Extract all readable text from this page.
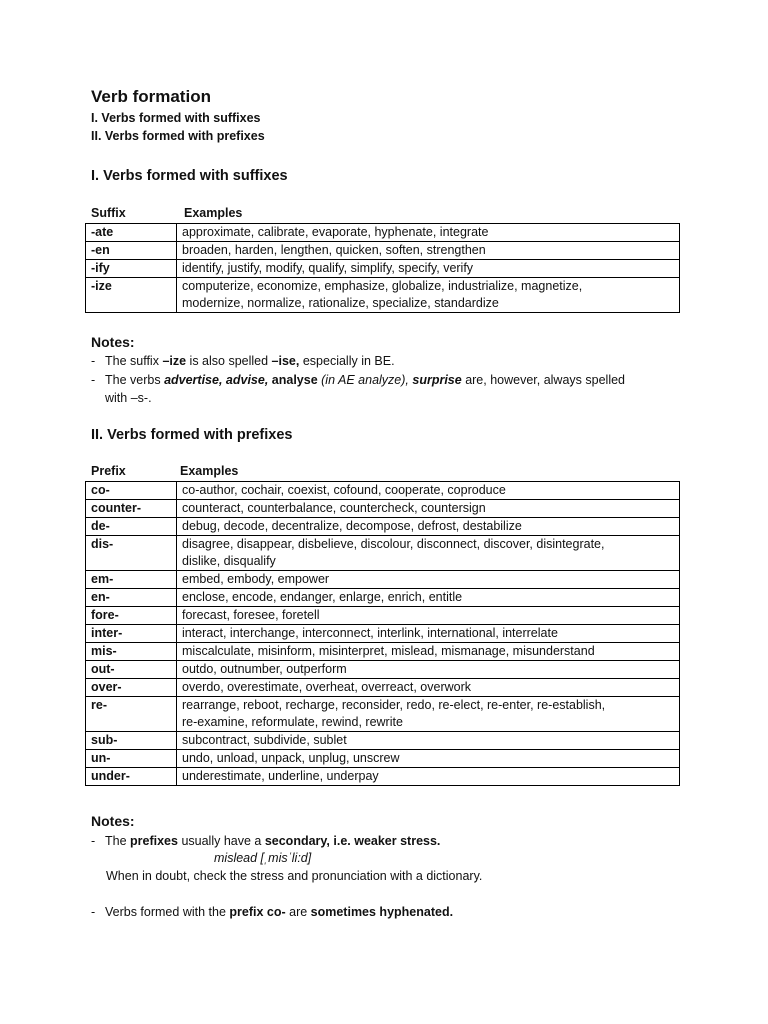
Verb formation
I. Verbs formed with suffixes
II. Verbs formed with prefixes
I. Verbs formed with suffixes
Suffix	Examples
-ate	approximate, calibrate, evaporate, hyphenate, integrate

-en	broaden, harden, lengthen, quicken, soften, strengthen

-ify	identify, justify, modify, qualify, simplify, specify, verify

-ize	computerize, economize, emphasize, globalize, industrialize, magnetize,
modernize, normalize, rationalize, specialize, standardize
Notes:
- The suffix –ize is also spelled –ise, especially in BE.
- The verbs advertise, advise, analyse (in AE analyze), surprise are, however, always spelled
with –s-.
II. Verbs formed with prefixes
Prefix	Examples
co-	co-author, cochair, coexist, cofound, cooperate, coproduce

counter-	counteract, counterbalance, countercheck, countersign

de-	debug, decode, decentralize, decompose, defrost, destabilize

dis-	disagree, disappear, disbelieve, discolour, disconnect, discover, disintegrate,
dislike, disqualify

em-	embed, embody, empower

en-	enclose, encode, endanger, enlarge, enrich, entitle

fore-	forecast, foresee, foretell

inter-	interact, interchange, interconnect, interlink, international, interrelate

mis-	miscalculate, misinform, misinterpret, mislead, mismanage, misunderstand

out-	outdo, outnumber, outperform

over-	overdo, overestimate, overheat, overreact, overwork

re-	rearrange, reboot, recharge, reconsider, redo, re-elect, re-enter, re-establish,
re-examine, reformulate, rewind, rewrite

sub-	subcontract, subdivide, sublet

un-	undo, unload, unpack, unplug, unscrew

under-	underestimate, underline, underpay
Notes:
- The prefixes usually have a secondary, i.e. weaker stress.
mislead [ˌmisˈli:d]
When in doubt, check the stress and pronunciation with a dictionary.
- Verbs formed with the prefix co- are sometimes hyphenated.
